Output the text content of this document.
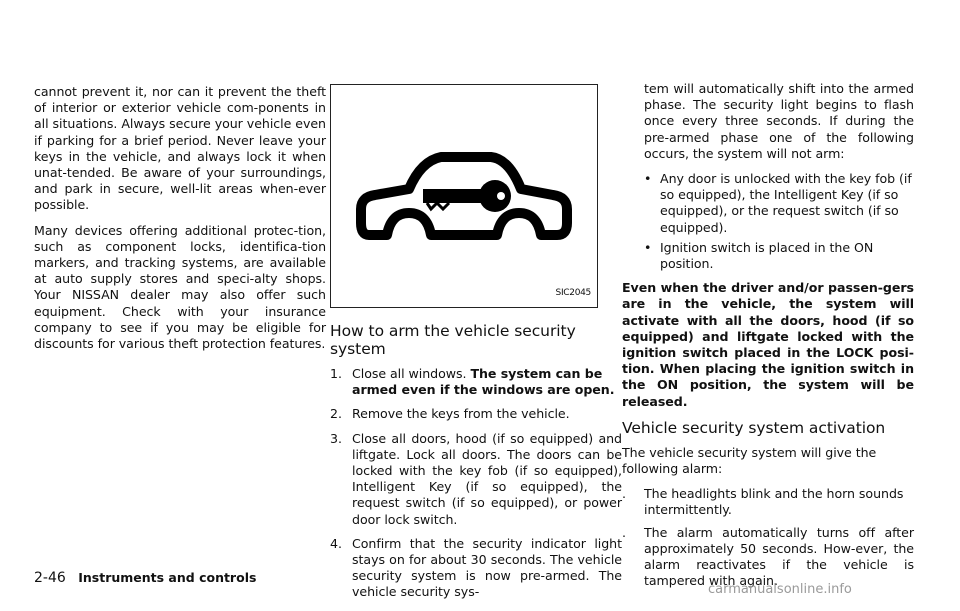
cannot prevent it, nor can it prevent the theft of interior or exterior vehicle com-ponents in all situations. Always secure your vehicle even if parking for a brief period. Never leave your keys in the vehicle, and always lock it when unat-tended. Be aware of your surroundings, and park in secure, well-lit areas when-ever possible.

Many devices offering additional protec-tion, such as component locks, identifica-tion markers, and tracking systems, are available at auto supply stores and speci-alty shops. Your NISSAN dealer may also offer such equipment. Check with your insurance company to see if you may be eligible for discounts for various theft protection features.

SIC2045
How to arm the vehicle security system
1. Close all windows. The system can be armed even if the windows are open.
2. Remove the keys from the vehicle.
3. Close all doors, hood (if so equipped) and liftgate. Lock all doors. The doors can be locked with the key fob (if so equipped), Intelligent Key (if so equipped), the request switch (if so equipped), or power door lock switch.
4. Confirm that the security indicator light stays on for about 30 seconds. The vehicle security system is now pre-armed. The vehicle security sys-

tem will automatically shift into the armed phase. The security light begins to flash once every three seconds. If during the pre-armed phase one of the following occurs, the system will not arm:

• Any door is unlocked with the key fob (if so equipped), the Intelligent Key (if so equipped), or the request switch (if so equipped).
• Ignition switch is placed in the ON position.

Even when the driver and/or passen-gers are in the vehicle, the system will activate with all the doors, hood (if so equipped) and liftgate locked with the ignition switch placed in the LOCK posi-tion. When placing the ignition switch in the ON position, the system will be released.

Vehicle security system activation

The vehicle security system will give the following alarm:

. The headlights blink and the horn sounds intermittently.
. The alarm automatically turns off after approximately 50 seconds. How-ever, the alarm reactivates if the vehicle is tampered with again.
2-46 Instruments and controls
carmanualsonline.info
